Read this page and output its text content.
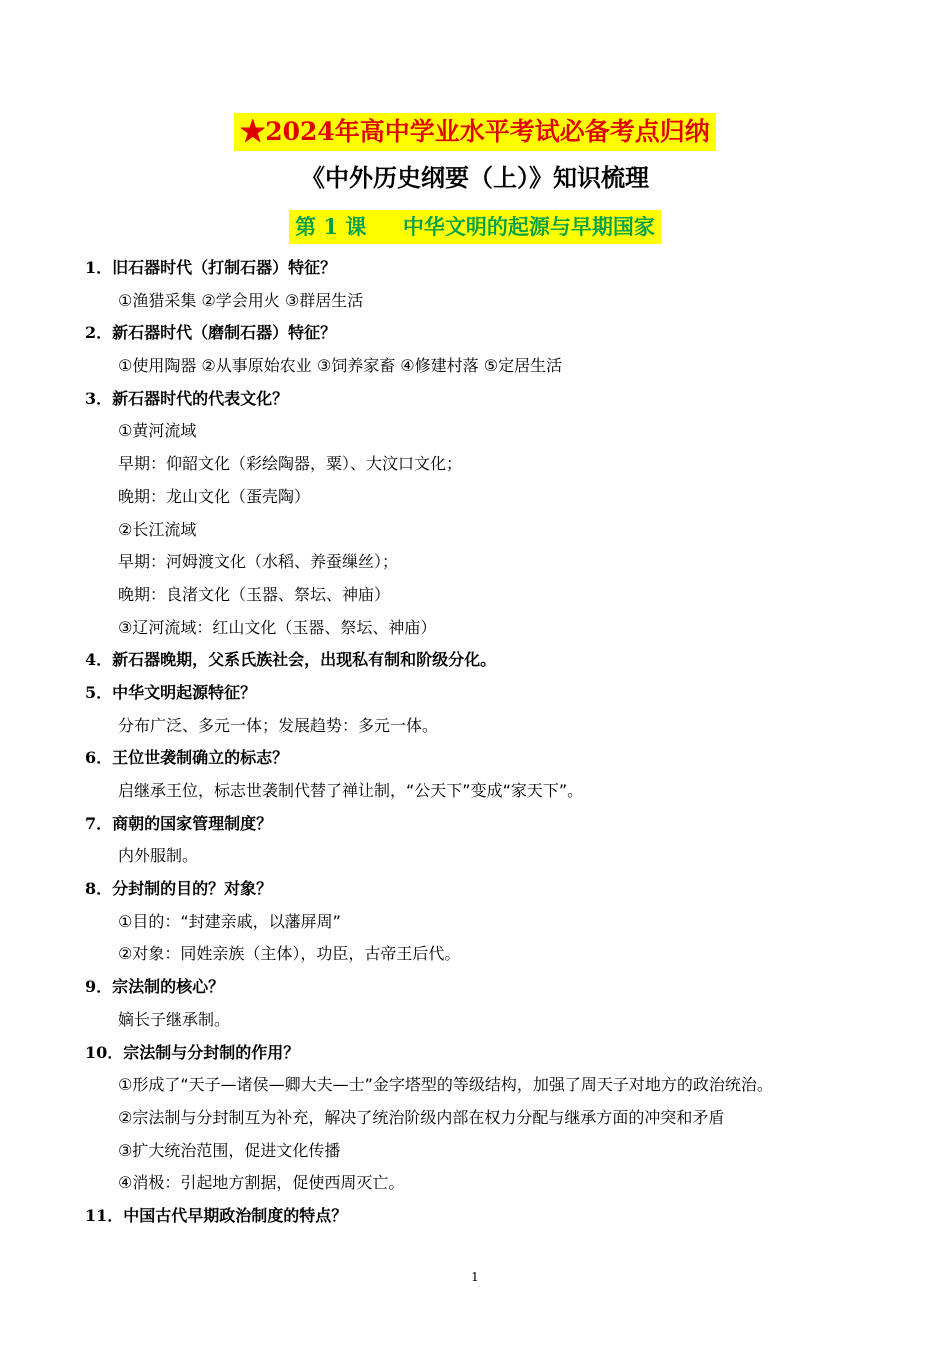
★2024年高中学业水平考试必备考点归纳
《中外历史纲要（上）》知识梳理
第 1 课     中华文明的起源与早期国家
1．旧石器时代（打制石器）特征？
①渔猎采集 ②学会用火 ③群居生活
2．新石器时代（磨制石器）特征？
①使用陶器 ②从事原始农业 ③饲养家畜 ④修建村落 ⑤定居生活
3．新石器时代的代表文化？
①黄河流域
早期：仰韶文化（彩绘陶器，粟）、大汶口文化；
晚期：龙山文化（蛋壳陶）
②长江流域
早期：河姆渡文化（水稻、养蚕缫丝）；
晚期：良渚文化（玉器、祭坛、神庙）
③辽河流域：红山文化（玉器、祭坛、神庙）
4．新石器晚期，父系氏族社会，出现私有制和阶级分化。
5．中华文明起源特征？
分布广泛、多元一体；发展趋势：多元一体。
6．王位世袭制确立的标志？
启继承王位，标志世袭制代替了禅让制，“公天下”变成“家天下”。
7．商朝的国家管理制度？
内外服制。
8．分封制的目的？对象？
①目的：“封建亲戚，以藩屏周”
②对象：同姓亲族（主体），功臣，古帝王后代。
9．宗法制的核心？
嫡长子继承制。
10．宗法制与分封制的作用？
①形成了“天子—诸侯—卿大夫—士”金字塔型的等级结构，加强了周天子对地方的政治统治。
②宗法制与分封制互为补充，解决了统治阶级内部在权力分配与继承方面的冲突和矛盾
③扩大统治范围，促进文化传播
④消极：引起地方割据，促使西周灭亡。
11．中国古代早期政治制度的特点？
1
